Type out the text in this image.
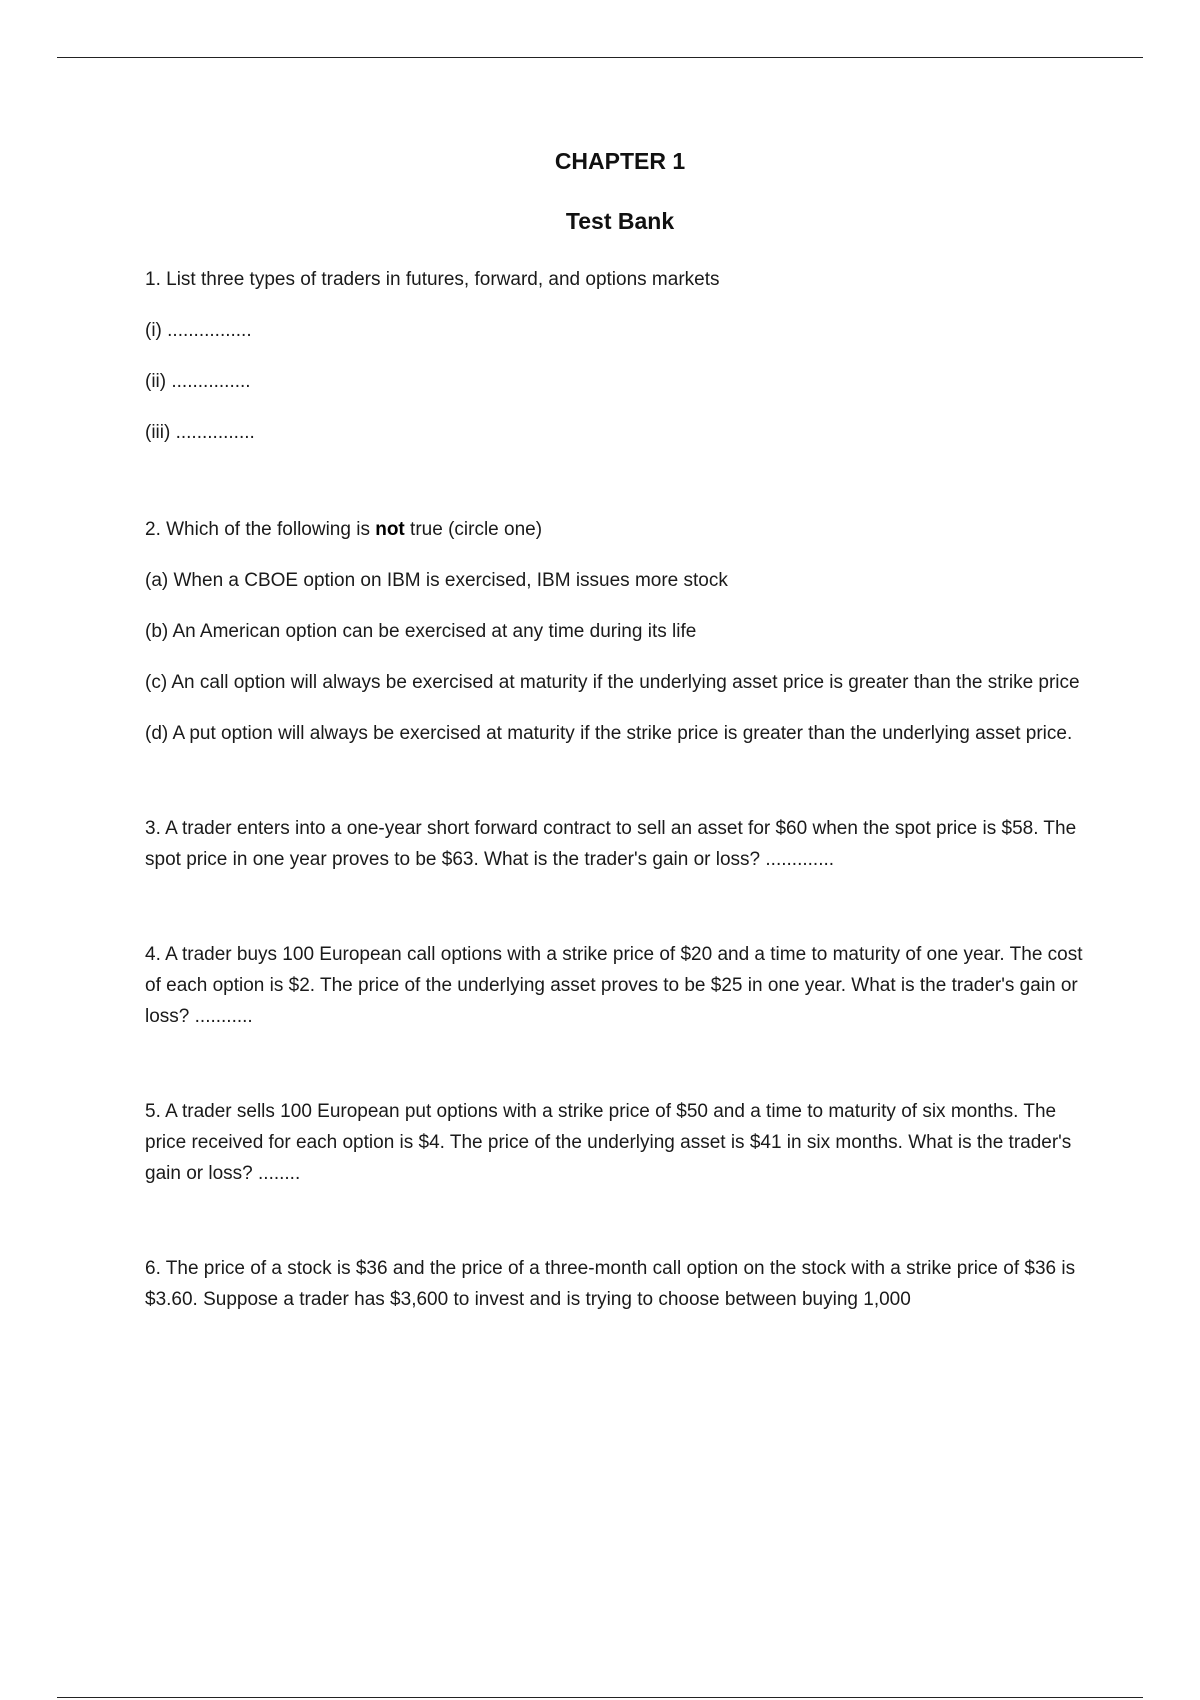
CHAPTER 1
Test Bank

1. List three types of traders in futures, forward, and options markets

(i) ................

(ii) ...............

(iii) ...............

2. Which of the following is not true (circle one)

(a) When a CBOE option on IBM is exercised, IBM issues more stock

(b) An American option can be exercised at any time during its life

(c) An call option will always be exercised at maturity if the underlying asset price is greater than the strike price

(d) A put option will always be exercised at maturity if the strike price is greater than the underlying asset price.

3. A trader enters into a one-year short forward contract to sell an asset for $60 when the spot price is $58. The spot price in one year proves to be $63. What is the trader's gain or loss? .............

4. A trader buys 100 European call options with a strike price of $20 and a time to maturity of one year. The cost of each option is $2. The price of the underlying asset proves to be $25 in one year. What is the trader's gain or loss? ...........

5. A trader sells 100 European put options with a strike price of $50 and a time to maturity of six months. The price received for each option is $4. The price of the underlying asset is $41 in six months. What is the trader's gain or loss? ........

6. The price of a stock is $36 and the price of a three-month call option on the stock with a strike price of $36 is $3.60. Suppose a trader has $3,600 to invest and is trying to choose between buying 1,000
